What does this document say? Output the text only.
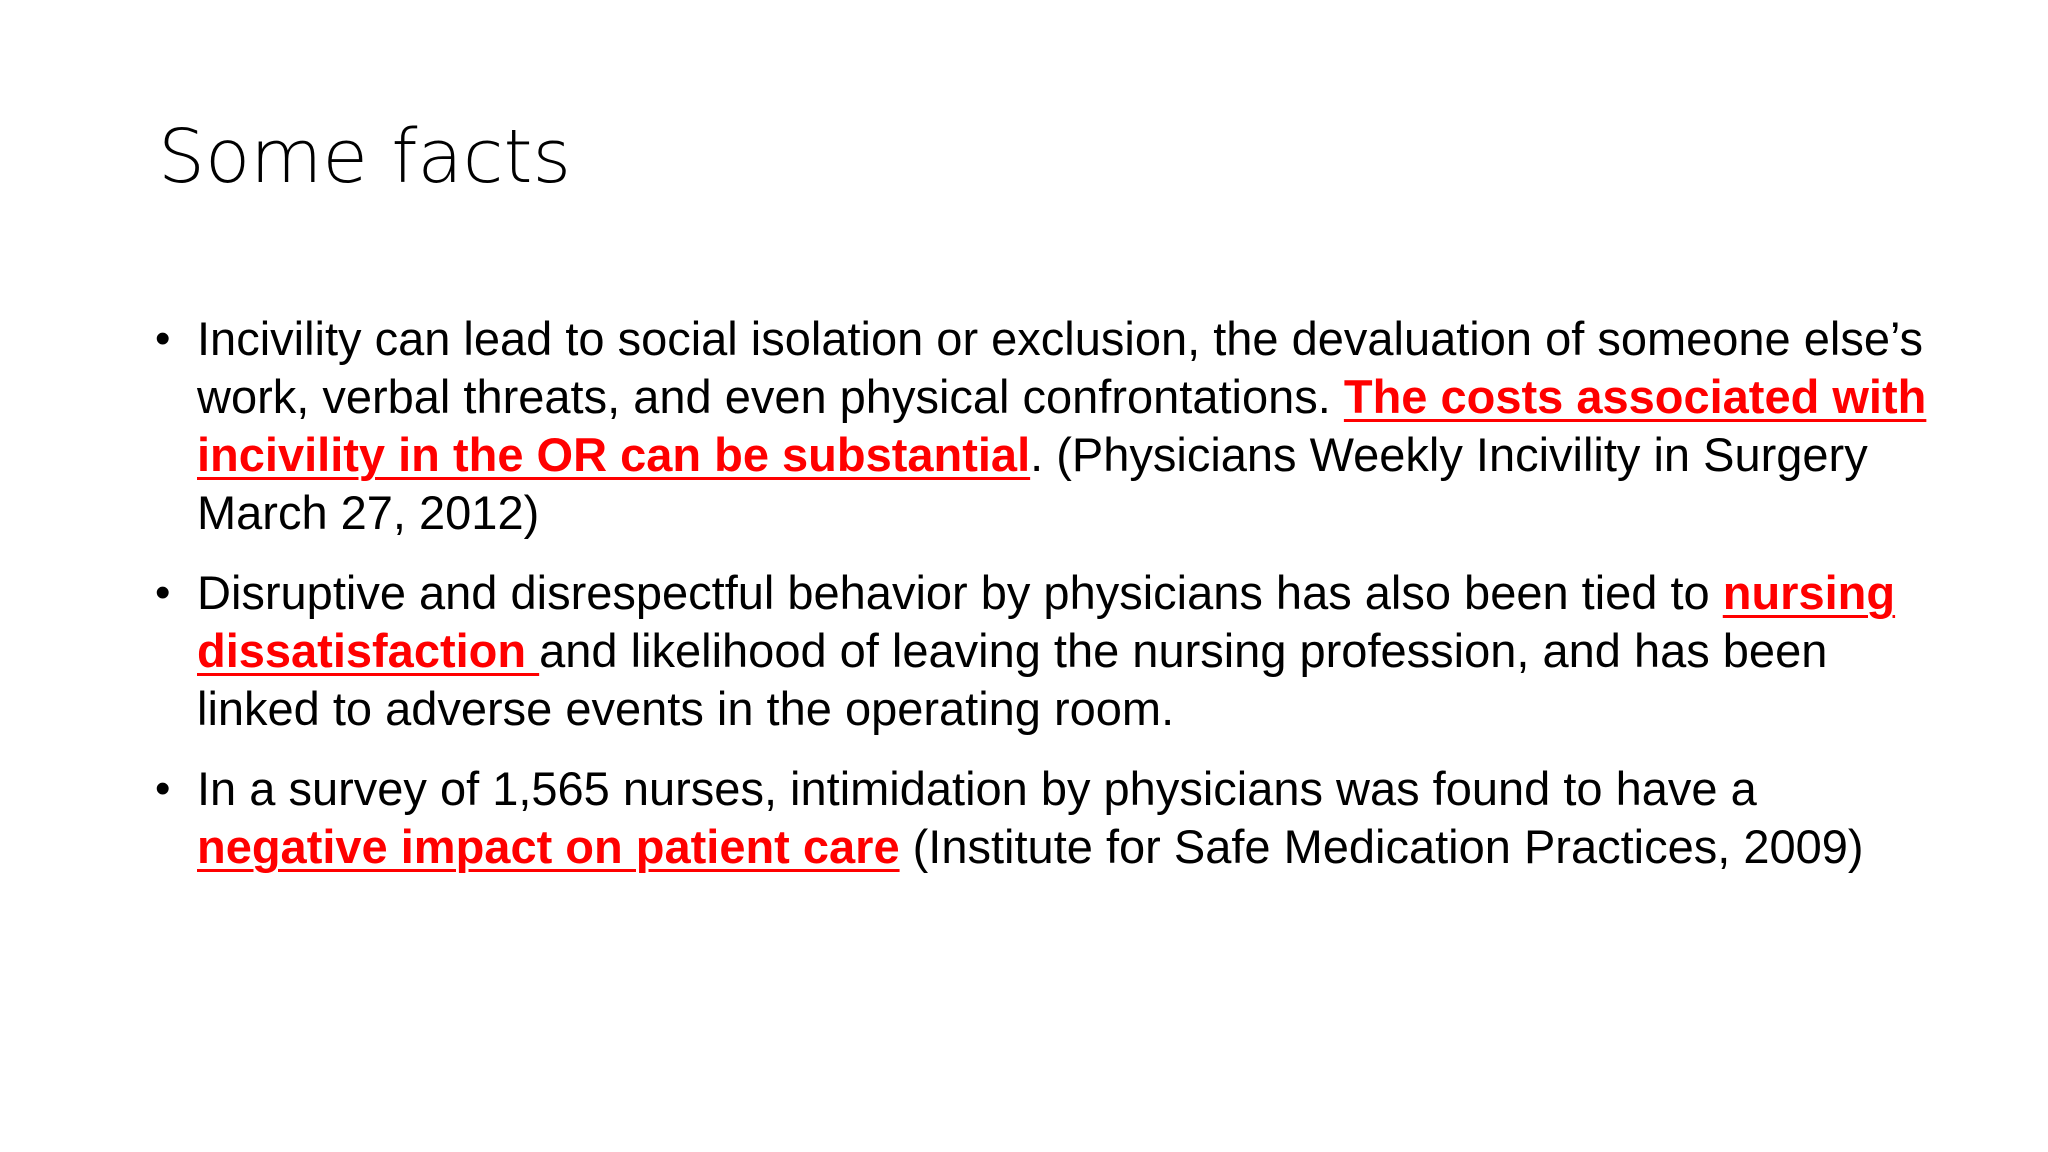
Some facts
• Incivility can lead to social isolation or exclusion, the devaluation of someone else’s work, verbal threats, and even physical confrontations. The costs associated with incivility in the OR can be substantial. (Physicians Weekly Incivility in Surgery March 27, 2012)
• Disruptive and disrespectful behavior by physicians has also been tied to nursing dissatisfaction and likelihood of leaving the nursing profession, and has been linked to adverse events in the operating room.
• In a survey of 1,565 nurses, intimidation by physicians was found to have a negative impact on patient care (Institute for Safe Medication Practices, 2009)
